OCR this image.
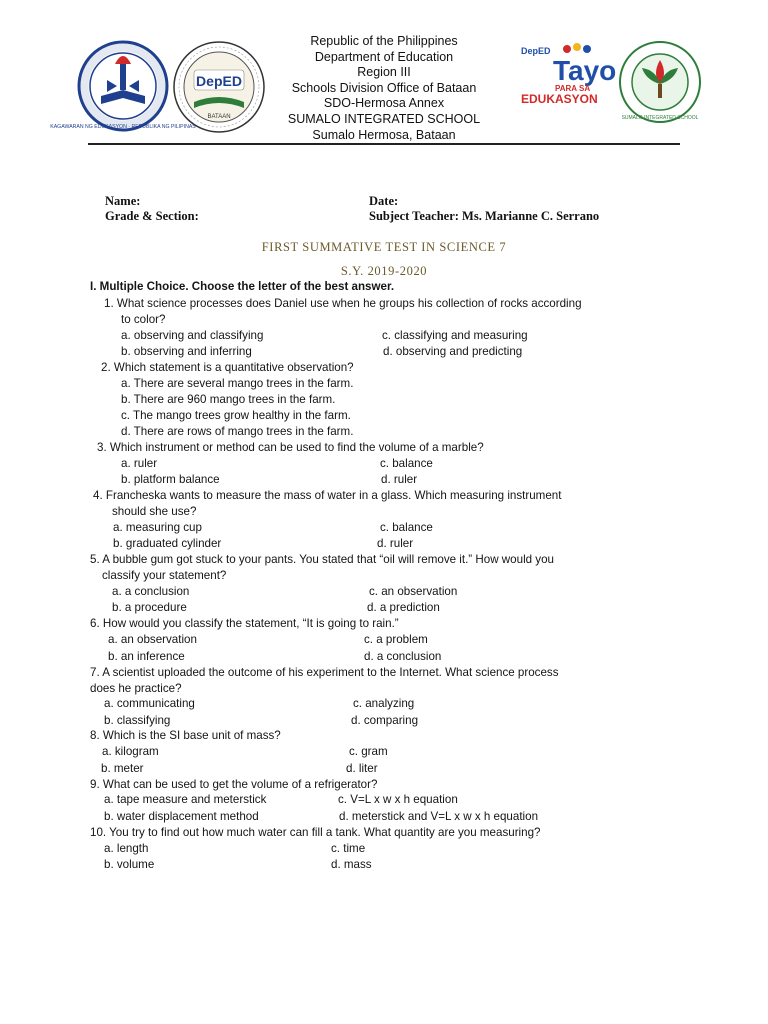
KAGAWARAN NG EDUKASYON · REPUBLIKA NG PILIPINAS
DepED
BATAAN
DepED
Tayo
PARA SA
EDUKASYON
SUMALO INTEGRATED SCHOOL
Republic of the Philippines
Department of Education
Region III
Schools Division Office of Bataan
SDO-Hermosa Annex
SUMALO INTEGRATED SCHOOL
Sumalo Hermosa, Bataan
Name:	Date:
Grade & Section:	Subject Teacher: Ms. Marianne C. Serrano
FIRST SUMMATIVE TEST IN SCIENCE 7
S.Y. 2019-2020
I. Multiple Choice. Choose the letter of the best answer.
1. What science processes does Daniel use when he groups his collection of rocks according
to color?
a. observing and classifying	c. classifying and measuring
b. observing and inferring	d. observing and predicting
2. Which statement is a quantitative observation?
a. There are several mango trees in the farm.
b. There are 960 mango trees in the farm.
c. The mango trees grow healthy in the farm.
d. There are rows of mango trees in the farm.
3. Which instrument or method can be used to find the volume of a marble?
a. ruler	c. balance
b. platform balance	d. ruler
4. Francheska wants to measure the mass of water in a glass. Which measuring instrument
should she use?
a. measuring cup	c. balance
b. graduated cylinder	d. ruler
5. A bubble gum got stuck to your pants. You stated that “oil will remove it.” How would you
classify your statement?
a. a conclusion	c. an observation
b. a procedure	d. a prediction
6. How would you classify the statement, “It is going to rain.”
a. an observation	c. a problem
b. an inference	d. a conclusion
7. A scientist uploaded the outcome of his experiment to the Internet. What science process
does he practice?
a. communicating	c. analyzing
b. classifying	d. comparing
8. Which is the SI base unit of mass?
a. kilogram	c. gram
b. meter	d. liter
9. What can be used to get the volume of a refrigerator?
a. tape measure and meterstick	c. V=L x w x h equation
b. water displacement method	d. meterstick and V=L x w x h equation
10. You try to find out how much water can fill a tank. What quantity are you measuring?
a. length	c. time
b. volume	d. mass
